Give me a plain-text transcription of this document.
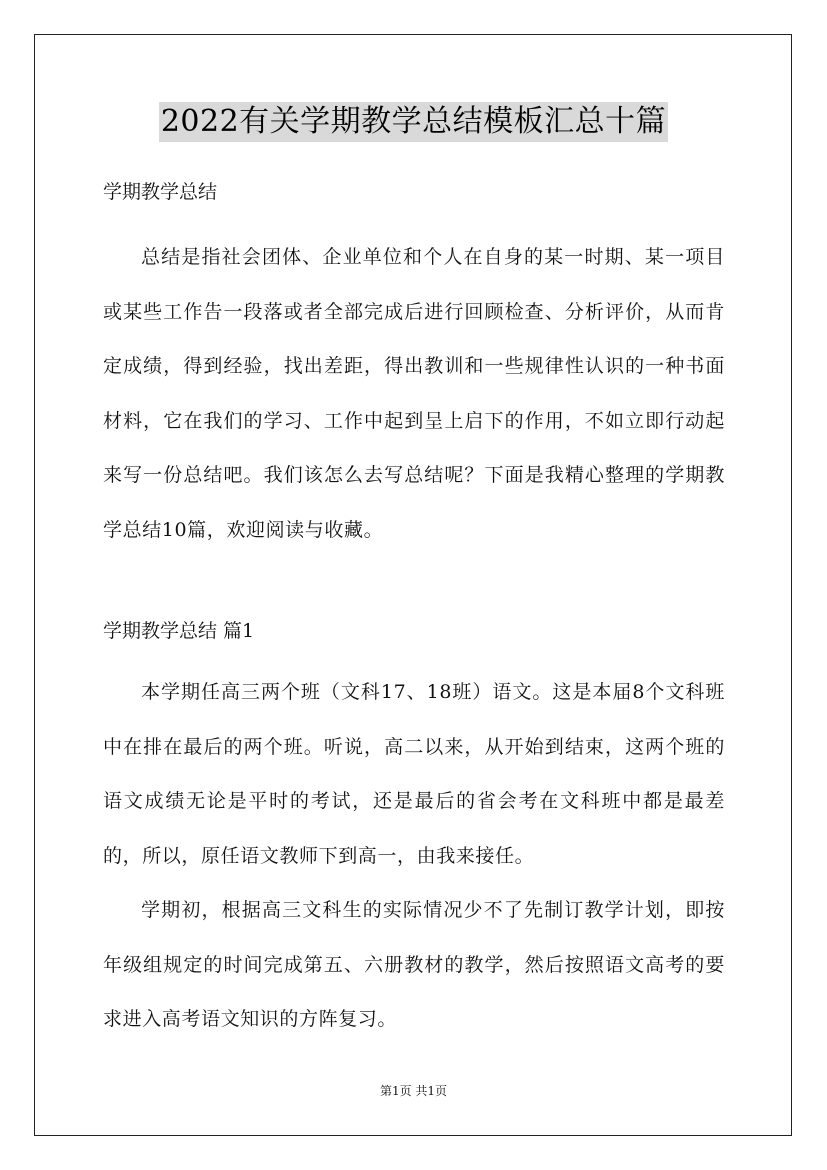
2022有关学期教学总结模板汇总十篇

学期教学总结

总结是指社会团体、企业单位和个人在自身的某一时期、某一项目或某些工作告一段落或者全部完成后进行回顾检查、分析评价，从而肯定成绩，得到经验，找出差距，得出教训和一些规律性认识的一种书面材料，它在我们的学习、工作中起到呈上启下的作用，不如立即行动起来写一份总结吧。我们该怎么去写总结呢？下面是我精心整理的学期教学总结10篇，欢迎阅读与收藏。

学期教学总结 篇1

本学期任高三两个班（文科17、18班）语文。这是本届8个文科班中在排在最后的两个班。听说，高二以来，从开始到结束，这两个班的语文成绩无论是平时的考试，还是最后的省会考在文科班中都是最差的，所以，原任语文教师下到高一，由我来接任。

学期初，根据高三文科生的实际情况少不了先制订教学计划，即按年级组规定的时间完成第五、六册教材的教学，然后按照语文高考的要求进入高考语文知识的方阵复习。

第1页 共1页
